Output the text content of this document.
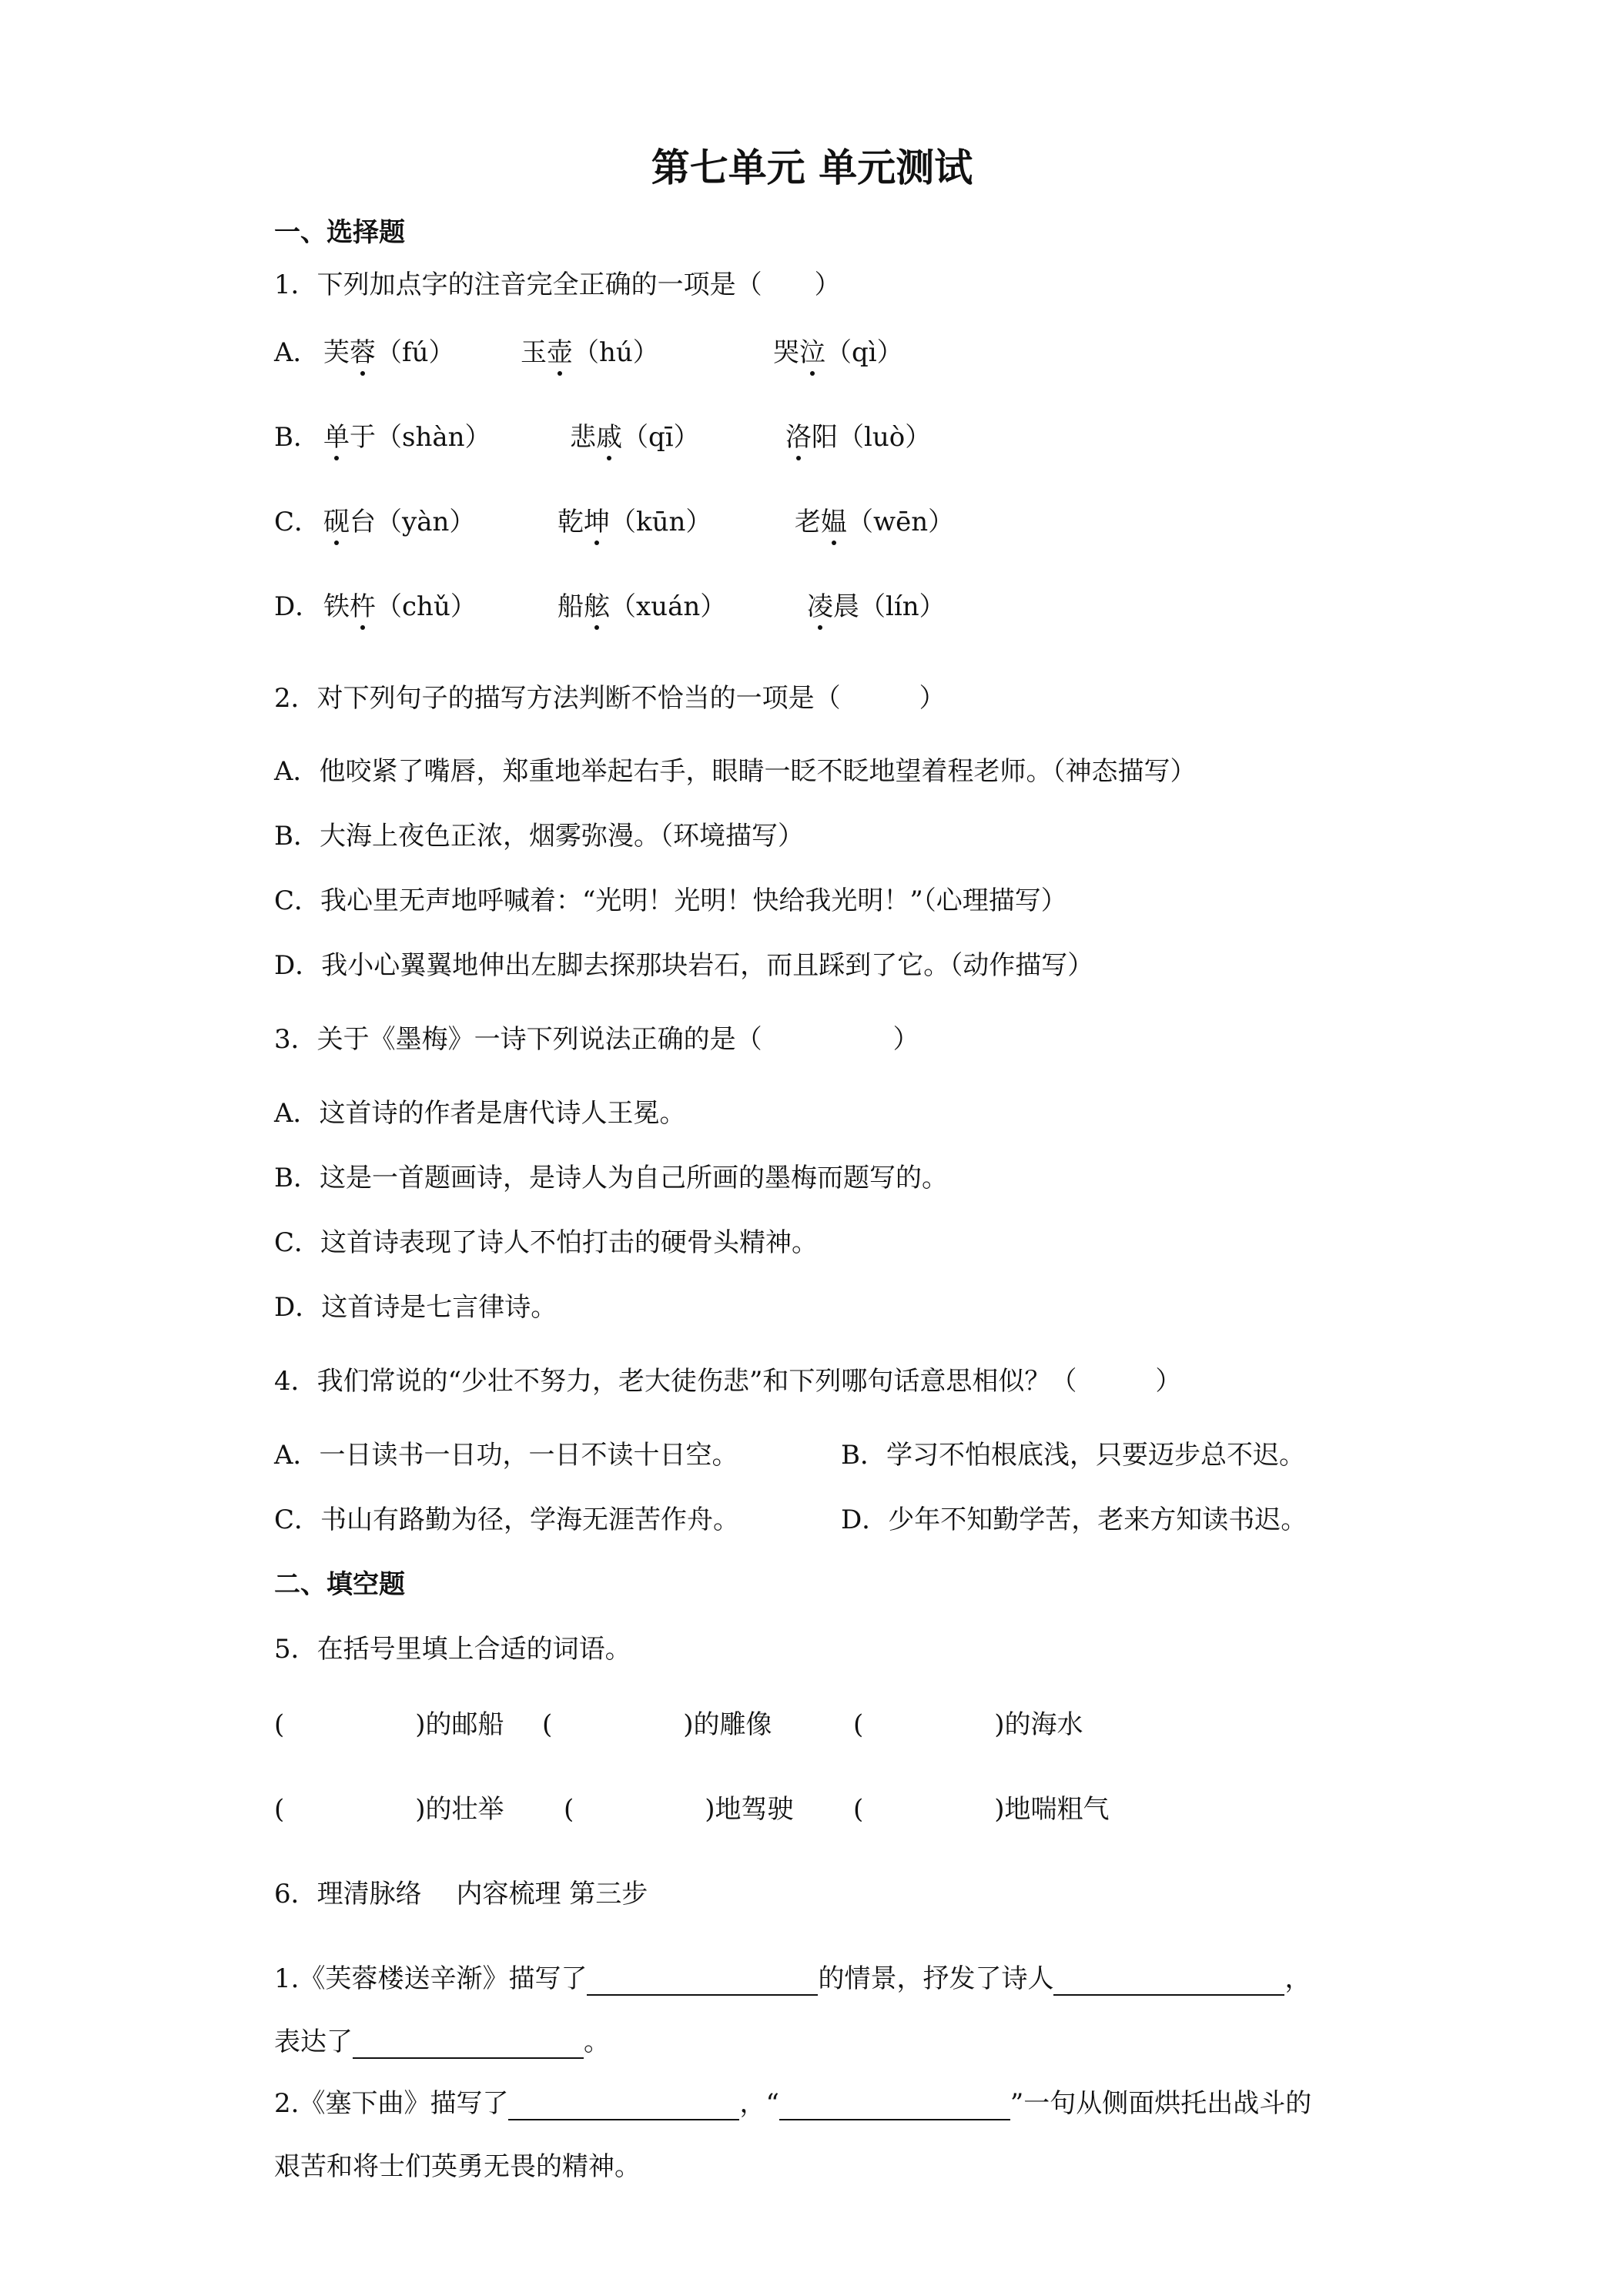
第七单元 单元测试
一、选择题
1．下列加点字的注音完全正确的一项是（　　）
A． 芙蓉（fú）	玉壶（hú）	哭泣（qì）
B． 单于（shàn）	悲戚（qī）	洛阳（luò）
C． 砚台（yàn）	乾坤（kūn）	老媪（wēn）
D． 铁杵（chǔ）	船舷（xuán）	凌晨（lín）
2．对下列句子的描写方法判断不恰当的一项是（　　　）
A．他咬紧了嘴唇，郑重地举起右手，眼睛一眨不眨地望着程老师。（神态描写）
B．大海上夜色正浓，烟雾弥漫。（环境描写）
C．我心里无声地呼喊着：“光明！光明！快给我光明！”（心理描写）
D．我小心翼翼地伸出左脚去探那块岩石，而且踩到了它。（动作描写）
3．关于《墨梅》一诗下列说法正确的是（　　　　　）
A．这首诗的作者是唐代诗人王冕。
B．这是一首题画诗，是诗人为自己所画的墨梅而题写的。
C．这首诗表现了诗人不怕打击的硬骨头精神。
D．这首诗是七言律诗。
4．我们常说的“少壮不努力，老大徒伤悲”和下列哪句话意思相似？（　　　）
A．一日读书一日功，一日不读十日空。	B．学习不怕根底浅，只要迈步总不迟。
C．书山有路勤为径，学海无涯苦作舟。	D．少年不知勤学苦，老来方知读书迟。
二、填空题
5．在括号里填上合适的词语。
(　　　　　)的邮船 (　　　　　)的雕像	(　　　　　)的海水
(　　　　　)的壮举 (　　　　　)地驾驶 (　　　　　)地喘粗气
6．理清脉络　 内容梳理 第三步
1.《芙蓉楼送辛渐》描写了	的情景，抒发了诗人	，
表达了	。
2.《塞下曲》描写了	，“	”一句从侧面烘托出战斗的
艰苦和将士们英勇无畏的精神。
